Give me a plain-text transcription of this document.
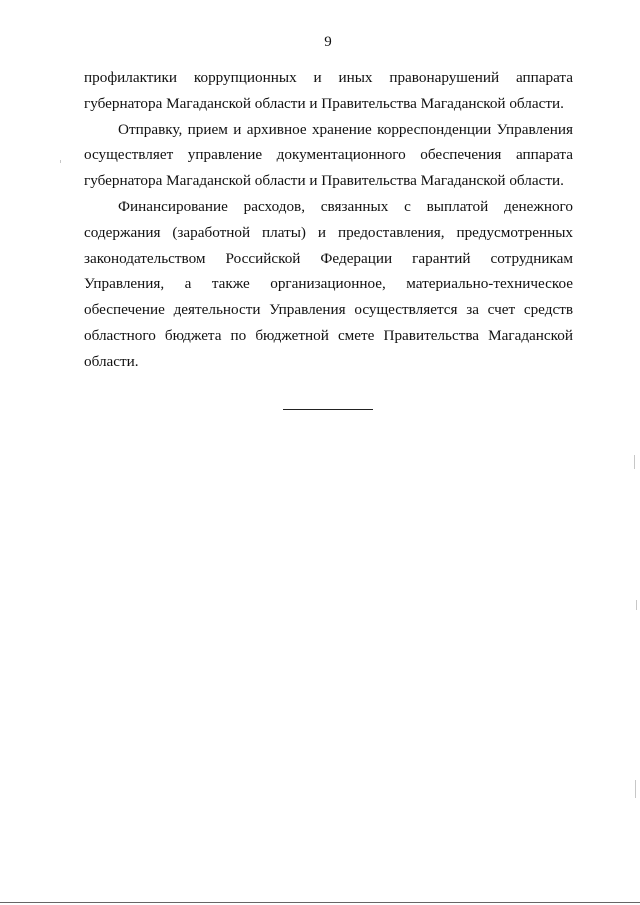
9
профилактики коррупционных и иных правонарушений аппарата
губернатора Магаданской области и Правительства Магаданской области.
Отправку, прием и архивное хранение корреспонденции Управления
осуществляет управление документационного обеспечения аппарата
губернатора Магаданской области и Правительства Магаданской области.
Финансирование расходов, связанных с выплатой денежного
содержания (заработной платы) и предоставления, предусмотренных
законодательством Российской Федерации гарантий сотрудникам
Управления, а также организационное, материально-техническое
обеспечение деятельности Управления осуществляется за счет средств
областного бюджета по бюджетной смете Правительства Магаданской
области.
